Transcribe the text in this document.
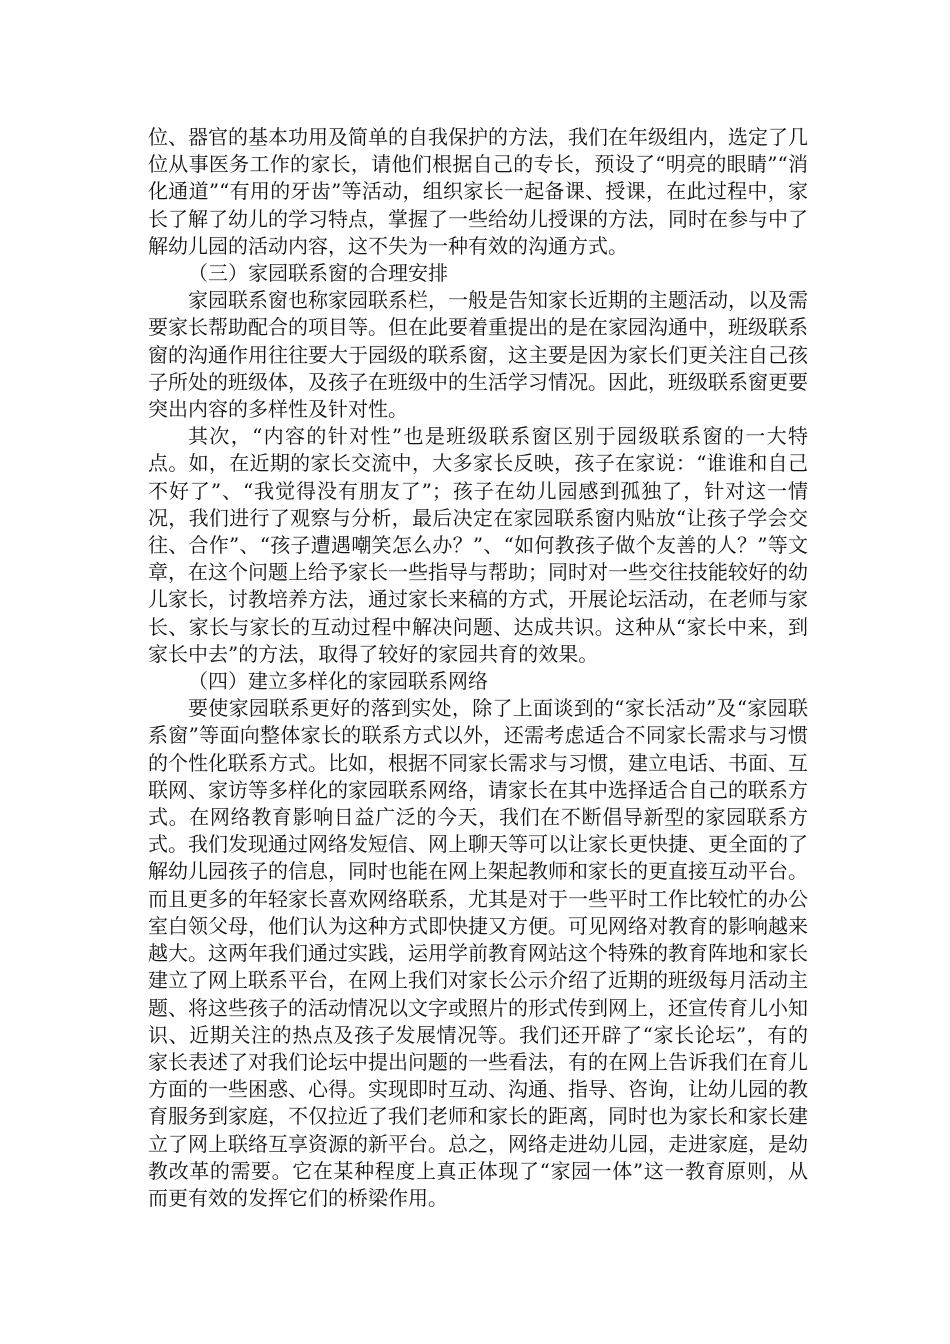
位、器官的基本功用及简单的自我保护的方法，我们在年级组内，选定了几位从事医务工作的家长，请他们根据自己的专长，预设了“明亮的眼睛”“消化通道”“有用的牙齿”等活动，组织家长一起备课、授课，在此过程中，家长了解了幼儿的学习特点，掌握了一些给幼儿授课的方法，同时在参与中了解幼儿园的活动内容，这不失为一种有效的沟通方式。

（三）家园联系窗的合理安排

家园联系窗也称家园联系栏，一般是告知家长近期的主题活动，以及需要家长帮助配合的项目等。但在此要着重提出的是在家园沟通中，班级联系窗的沟通作用往往要大于园级的联系窗，这主要是因为家长们更关注自己孩子所处的班级体，及孩子在班级中的生活学习情况。因此，班级联系窗更要突出内容的多样性及针对性。

其次，“内容的针对性”也是班级联系窗区别于园级联系窗的一大特点。如，在近期的家长交流中，大多家长反映，孩子在家说：“谁谁和自己不好了”、“我觉得没有朋友了”；孩子在幼儿园感到孤独了，针对这一情况，我们进行了观察与分析，最后决定在家园联系窗内贴放“让孩子学会交往、合作”、“孩子遭遇嘲笑怎么办？”、“如何教孩子做个友善的人？”等文章，在这个问题上给予家长一些指导与帮助；同时对一些交往技能较好的幼儿家长，讨教培养方法，通过家长来稿的方式，开展论坛活动，在老师与家长、家长与家长的互动过程中解决问题、达成共识。这种从“家长中来，到家长中去”的方法，取得了较好的家园共育的效果。

（四）建立多样化的家园联系网络

要使家园联系更好的落到实处，除了上面谈到的“家长活动”及“家园联系窗”等面向整体家长的联系方式以外，还需考虑适合不同家长需求与习惯的个性化联系方式。比如，根据不同家长需求与习惯，建立电话、书面、互联网、家访等多样化的家园联系网络，请家长在其中选择适合自己的联系方式。在网络教育影响日益广泛的今天，我们在不断倡导新型的家园联系方式。我们发现通过网络发短信、网上聊天等可以让家长更快捷、更全面的了解幼儿园孩子的信息，同时也能在网上架起教师和家长的更直接互动平台。而且更多的年轻家长喜欢网络联系，尤其是对于一些平时工作比较忙的办公室白领父母，他们认为这种方式即快捷又方便。可见网络对教育的影响越来越大。这两年我们通过实践，运用学前教育网站这个特殊的教育阵地和家长建立了网上联系平台，在网上我们对家长公示介绍了近期的班级每月活动主题、将这些孩子的活动情况以文字或照片的形式传到网上，还宣传育儿小知识、近期关注的热点及孩子发展情况等。我们还开辟了“家长论坛”，有的家长表述了对我们论坛中提出问题的一些看法，有的在网上告诉我们在育儿方面的一些困惑、心得。实现即时互动、沟通、指导、咨询，让幼儿园的教育服务到家庭，不仅拉近了我们老师和家长的距离，同时也为家长和家长建立了网上联络互享资源的新平台。总之，网络走进幼儿园，走进家庭，是幼教改革的需要。它在某种程度上真正体现了“家园一体”这一教育原则，从而更有效的发挥它们的桥梁作用。
